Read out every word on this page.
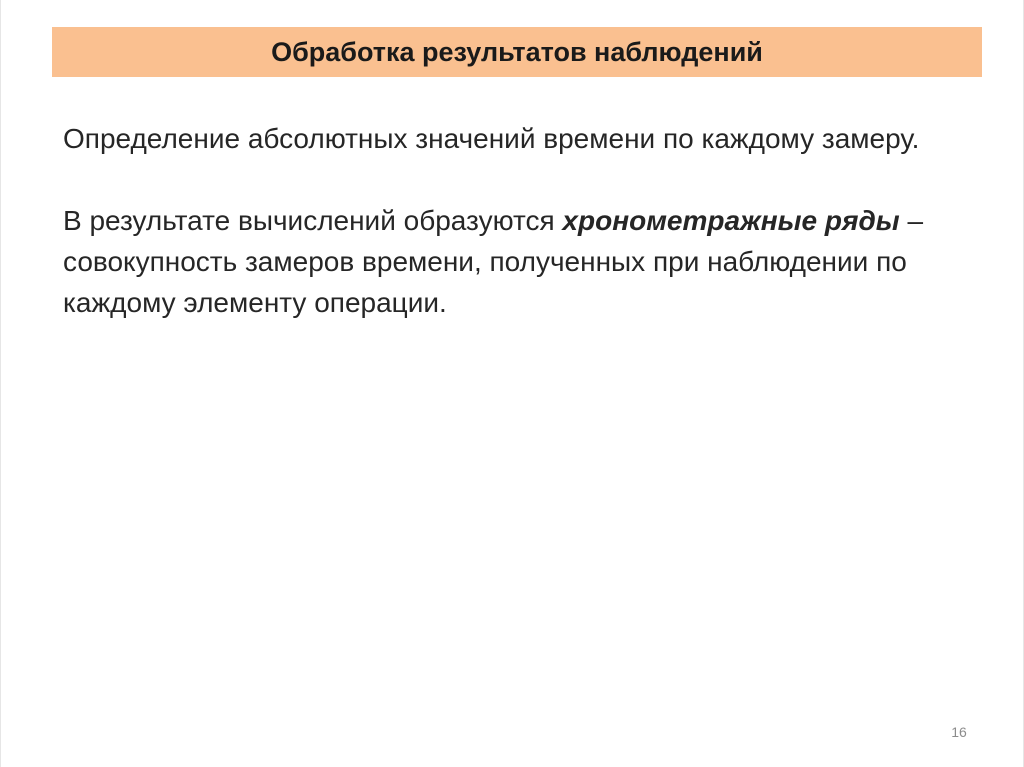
Обработка результатов наблюдений

Определение абсолютных значений времени по каждому замеру.

В результате вычислений образуются хронометражные ряды – совокупность замеров времени, полученных при наблюдении по каждому элементу операции.

16
